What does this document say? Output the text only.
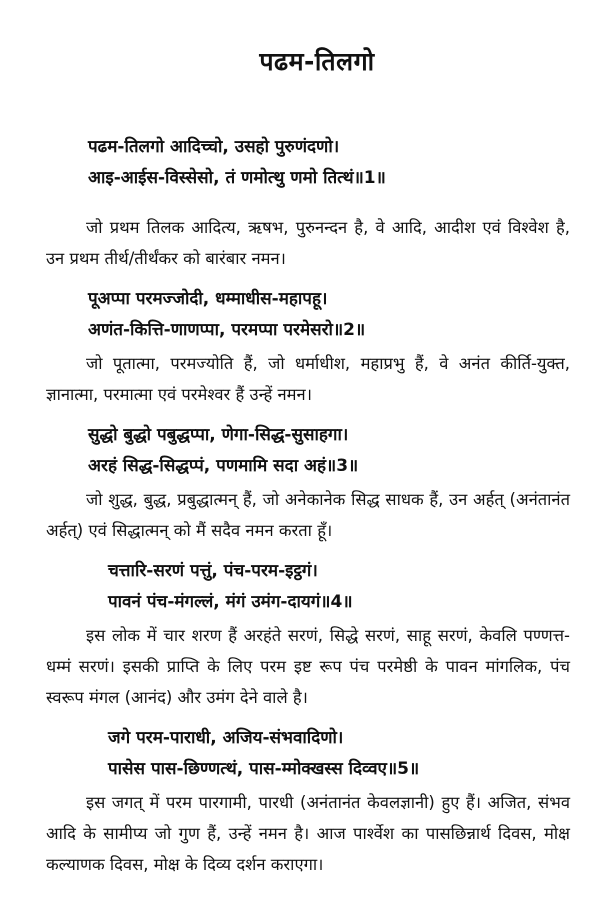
पढम-तिलगो
पढम-तिलगो आदिच्चो, उसहो पुरुणंदणो।
आइ-आईस-विस्सेसो, तं णमोत्थु णमो तित्थं॥1॥
जो प्रथम तिलक आदित्य, ऋषभ, पुरुनन्दन है, वे आदि, आदीश एवं विश्वेश है, उन प्रथम तीर्थ/तीर्थंकर को बारंबार नमन।
पूअप्पा परमज्जोदी, धम्माधीस-महापहू।
अणंत-कित्ति-णाणप्पा, परमप्पा परमेसरो॥2॥
जो पूतात्मा, परमज्योति हैं, जो धर्माधीश, महाप्रभु हैं, वे अनंत कीर्ति-युक्त, ज्ञानात्मा, परमात्मा एवं परमेश्वर हैं उन्हें नमन।
सुद्धो बुद्धो पबुद्धप्पा, णेगा-सिद्ध-सुसाहगा।
अरहं सिद्ध-सिद्धप्पं, पणमामि सदा अहं॥3॥
जो शुद्ध, बुद्ध, प्रबुद्धात्मन् हैं, जो अनेकानेक सिद्ध साधक हैं, उन अर्हत् (अनंतानंत अर्हत्) एवं सिद्धात्मन् को मैं सदैव नमन करता हूँ।
चत्तारि-सरणं पत्तुं, पंच-परम-इट्ठगं।
पावनं पंच-मंगल्लं, मंगं उमंग-दायगं॥4॥
इस लोक में चार शरण हैं अरहंते सरणं, सिद्धे सरणं, साहू सरणं, केवलि पण्णत्त-धम्मं सरणं। इसकी प्राप्ति के लिए परम इष्ट रूप पंच परमेष्ठी के पावन मांगलिक, पंच स्वरूप मंगल (आनंद) और उमंग देने वाले है।
जगे परम-पाराधी, अजिय-संभवादिणो।
पासेस पास-छिण्णत्थं, पास-म्मोक्खस्स दिव्वए॥5॥
इस जगत् में परम पारगामी, पारधी (अनंतानंत केवलज्ञानी) हुए हैं। अजित, संभव आदि के सामीप्य जो गुण हैं, उन्हें नमन है। आज पार्श्वेश का पासछिन्नार्थ दिवस, मोक्ष कल्याणक दिवस, मोक्ष के दिव्य दर्शन कराएगा।
